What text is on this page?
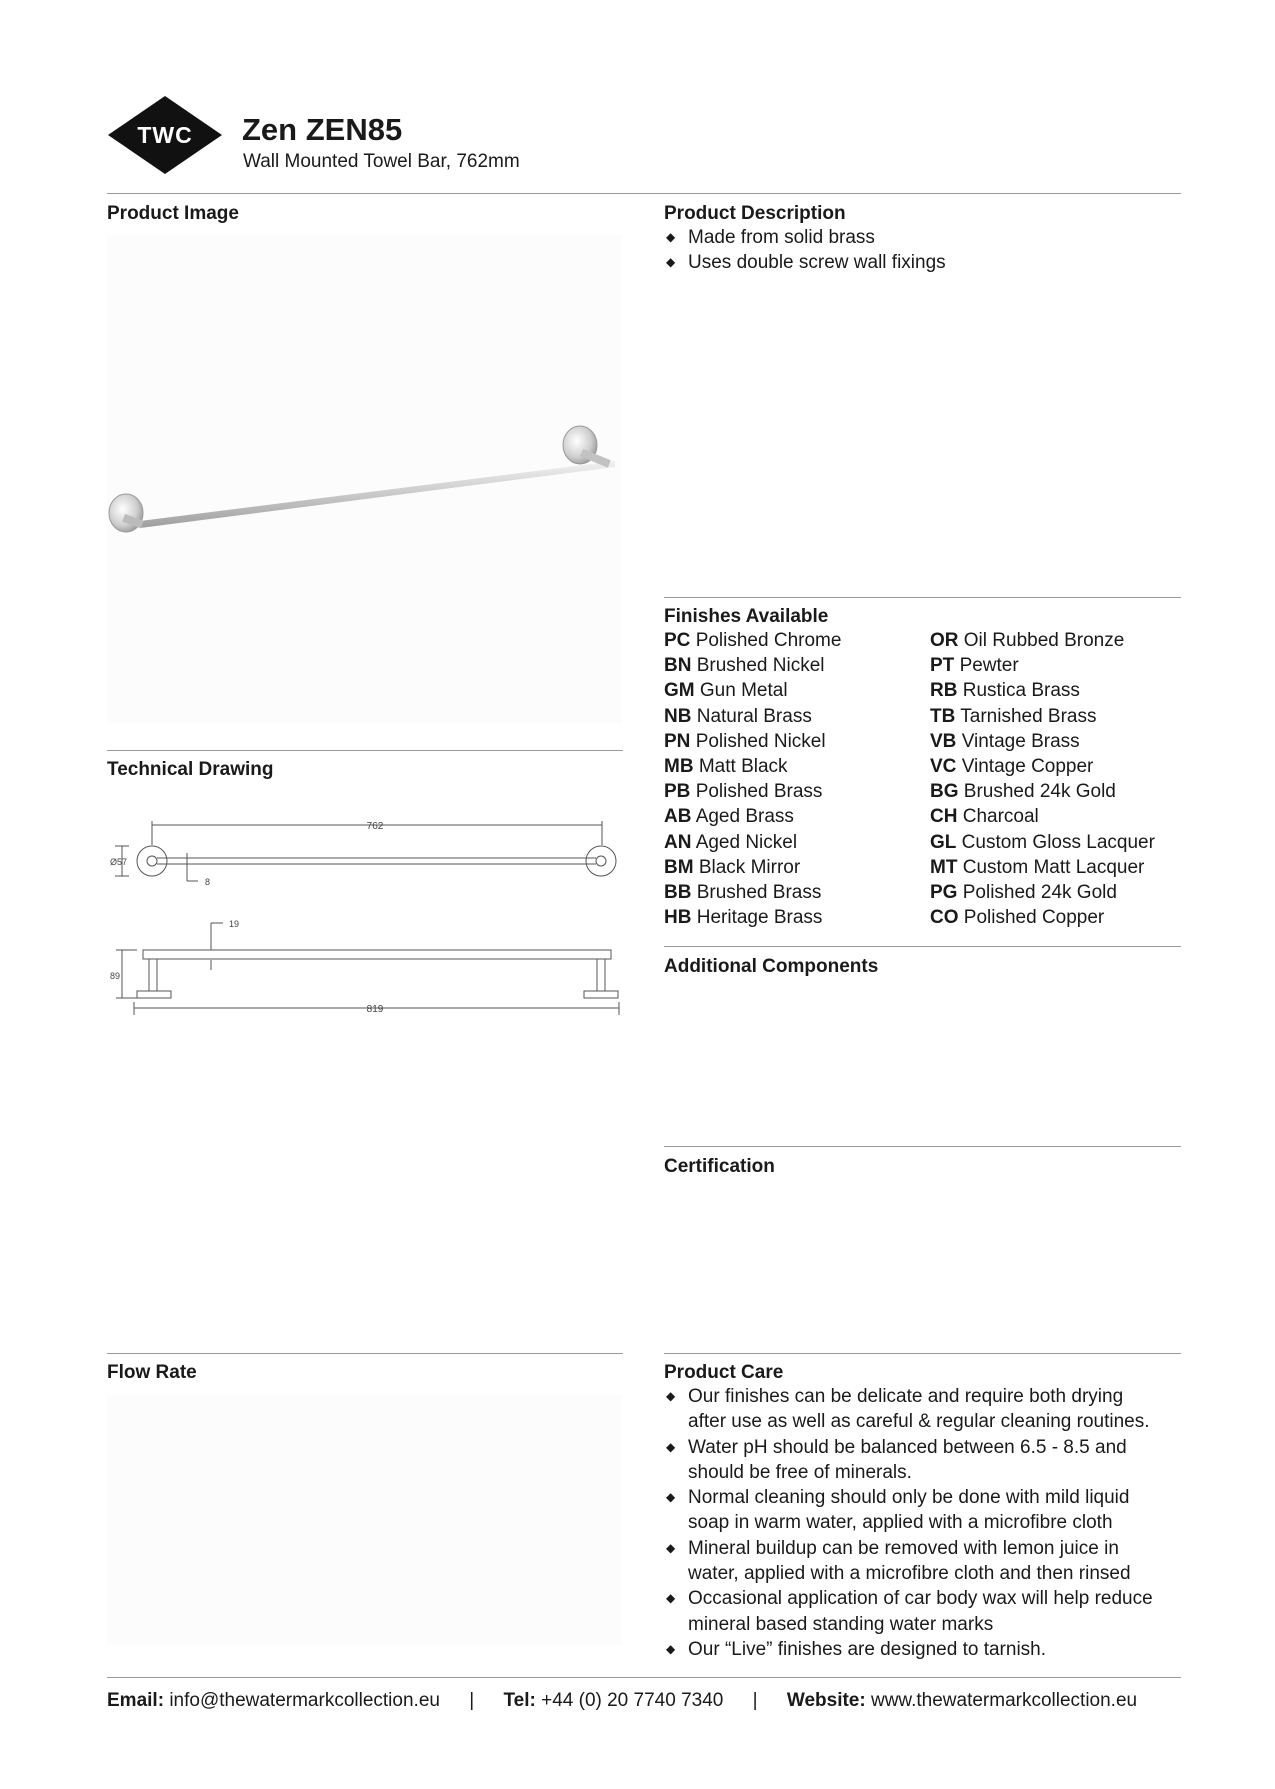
TWC Zen ZEN85
Wall Mounted Towel Bar, 762mm
Product Image
Technical Drawing
762
Ø57
8
19
89
819
Flow Rate
Product Description
◆ Made from solid brass
◆ Uses double screw wall fixings
Finishes Available
PC Polished Chrome
BN Brushed Nickel
GM Gun Metal
NB Natural Brass
PN Polished Nickel
MB Matt Black
PB Polished Brass
AB Aged Brass
AN Aged Nickel
BM Black Mirror
BB Brushed Brass
HB Heritage Brass
OR Oil Rubbed Bronze
PT Pewter
RB Rustica Brass
TB Tarnished Brass
VB Vintage Brass
VC Vintage Copper
BG Brushed 24k Gold
CH Charcoal
GL Custom Gloss Lacquer
MT Custom Matt Lacquer
PG Polished 24k Gold
CO Polished Copper
Additional Components
Certification
Product Care
◆ Our finishes can be delicate and require both drying
after use as well as careful & regular cleaning routines.
◆ Water pH should be balanced between 6.5 - 8.5 and
should be free of minerals.
◆ Normal cleaning should only be done with mild liquid
soap in warm water, applied with a microfibre cloth
◆ Mineral buildup can be removed with lemon juice in
water, applied with a microfibre cloth and then rinsed
◆ Occasional application of car body wax will help reduce
mineral based standing water marks
◆ Our “Live” finishes are designed to tarnish.
Email: info@thewatermarkcollection.eu | Tel: +44 (0) 20 7740 7340 | Website: www.thewatermarkcollection.eu
